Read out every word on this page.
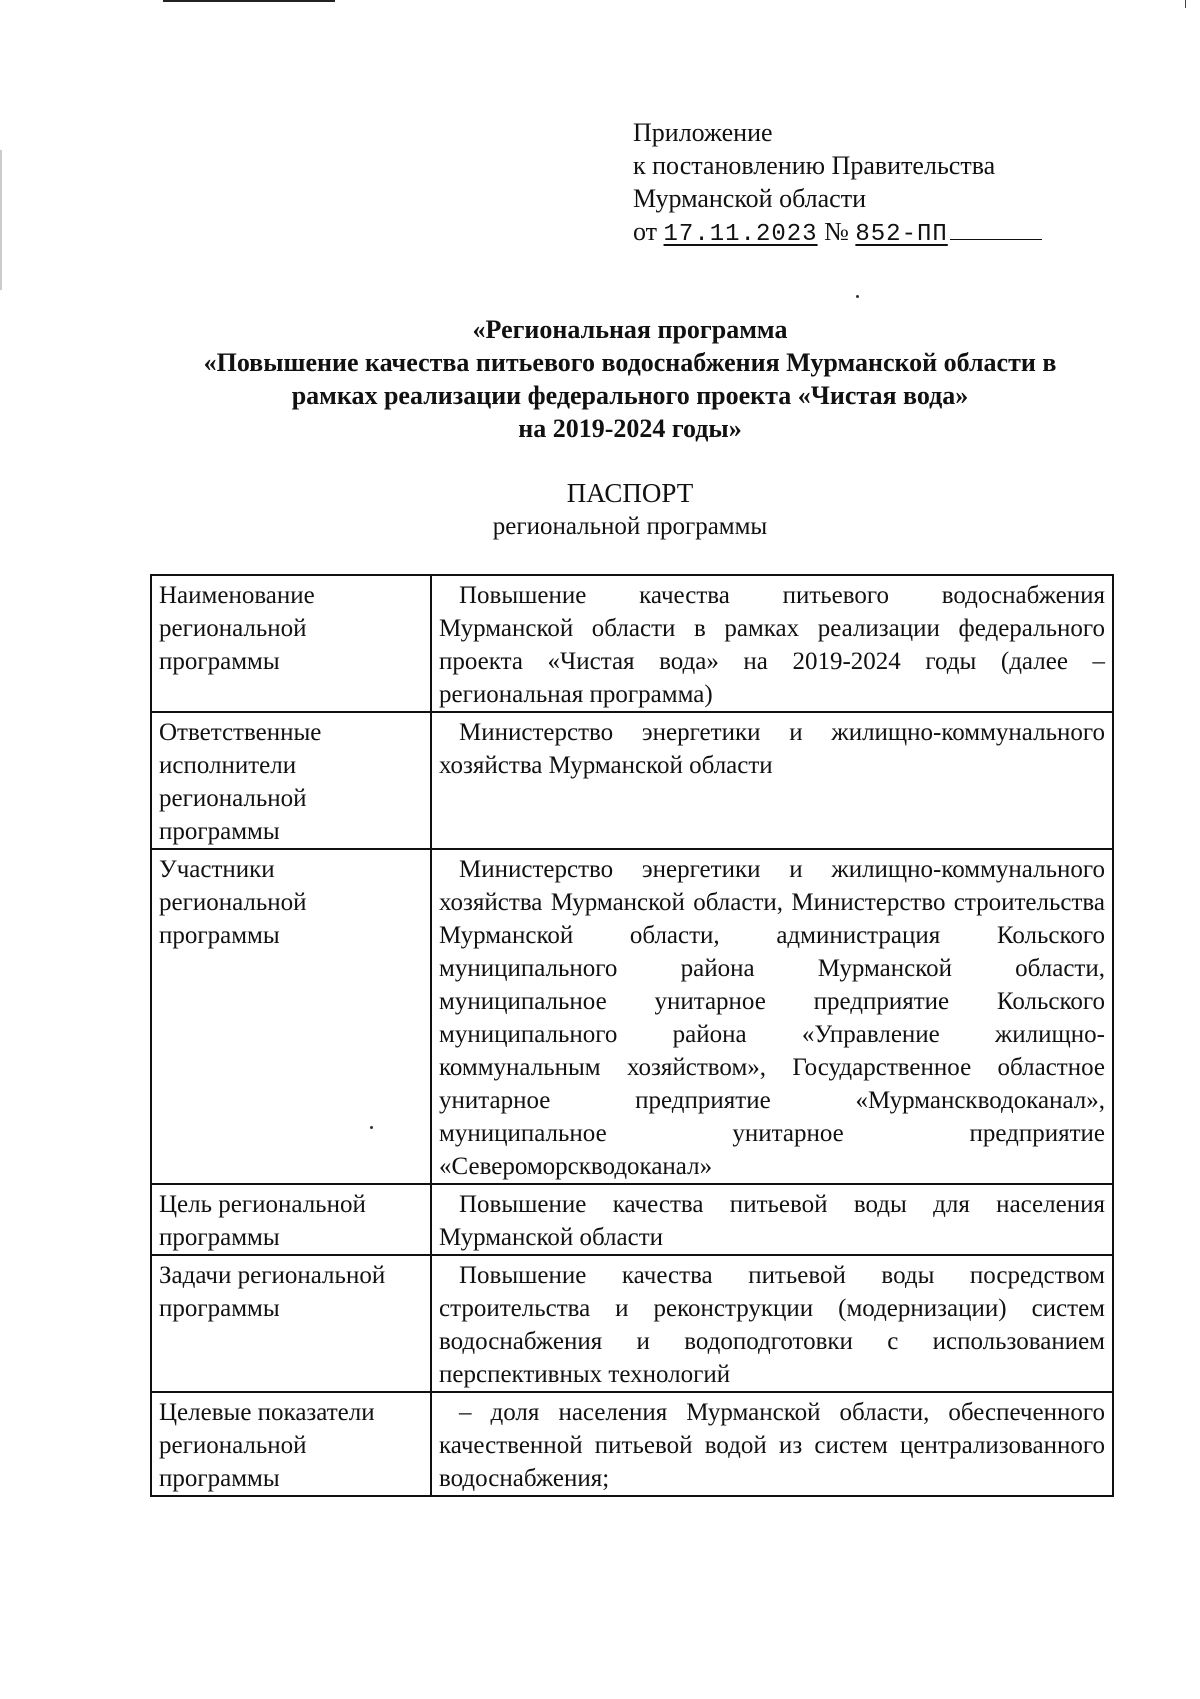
Приложение
к постановлению Правительства
Мурманской области
от 17.11.2023 № 852-ПП
«Региональная программа
«Повышение качества питьевого водоснабжения Мурманской области в
рамках реализации федерального проекта «Чистая вода»
на 2019-2024 годы»
ПАСПОРТ
региональной программы
Наименование региональной программы	Повышение качества питьевого водоснабжения Мурманской области в рамках реализации федерального проекта «Чистая вода» на 2019-2024 годы (далее – региональная программа)
Ответственные исполнители региональной программы	Министерство энергетики и жилищно-коммунального хозяйства Мурманской области
Участники региональной программы	Министерство энергетики и жилищно-коммунального хозяйства Мурманской области, Министерство строительства Мурманской области, администрация Кольского муниципального района Мурманской области, муниципальное унитарное предприятие Кольского муниципального района «Управление жилищно-коммунальным хозяйством», Государственное областное унитарное предприятие «Мурманскводоканал», муниципальное унитарное предприятие «Североморскводоканал»
Цель региональной программы	Повышение качества питьевой воды для населения Мурманской области
Задачи региональной программы	Повышение качества питьевой воды посредством строительства и реконструкции (модернизации) систем водоснабжения и водоподготовки с использованием перспективных технологий
Целевые показатели региональной программы	– доля населения Мурманской области, обеспеченного качественной питьевой водой из систем централизованного водоснабжения;
